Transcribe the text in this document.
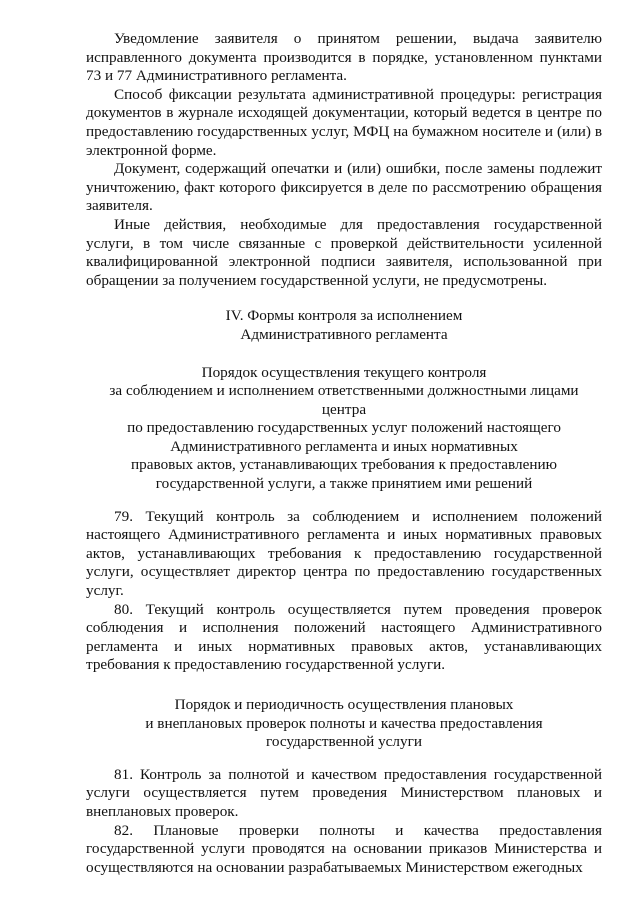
Уведомление заявителя о принятом решении, выдача заявителю исправленного документа производится в порядке, установленном пунктами 73 и 77 Административного регламента.

Способ фиксации результата административной процедуры: регистрация документов в журнале исходящей документации, который ведется в центре по предоставлению государственных услуг, МФЦ на бумажном носителе и (или) в электронной форме.

Документ, содержащий опечатки и (или) ошибки, после замены подлежит уничтожению, факт которого фиксируется в деле по рассмотрению обращения заявителя.

Иные действия, необходимые для предоставления государственной услуги, в том числе связанные с проверкой действительности усиленной квалифицированной электронной подписи заявителя, использованной при обращении за получением государственной услуги, не предусмотрены.

IV. Формы контроля за исполнением
Административного регламента
Порядок осуществления текущего контроля
за соблюдением и исполнением ответственными должностными лицами центра
по предоставлению государственных услуг положений настоящего
Административного регламента и иных нормативных
правовых актов, устанавливающих требования к предоставлению
государственной услуги, а также принятием ими решений

79. Текущий контроль за соблюдением и исполнением положений настоящего Административного регламента и иных нормативных правовых актов, устанавливающих требования к предоставлению государственной услуги, осуществляет директор центра по предоставлению государственных услуг.

80. Текущий контроль осуществляется путем проведения проверок соблюдения и исполнения положений настоящего Административного регламента и иных нормативных правовых актов, устанавливающих требования к предоставлению государственной услуги.

Порядок и периодичность осуществления плановых
и внеплановых проверок полноты и качества предоставления
государственной услуги

81. Контроль за полнотой и качеством предоставления государственной услуги осуществляется путем проведения Министерством плановых и внеплановых проверок.

82. Плановые проверки полноты и качества предоставления государственной услуги проводятся на основании приказов Министерства и осуществляются на основании разрабатываемых Министерством ежегодных
